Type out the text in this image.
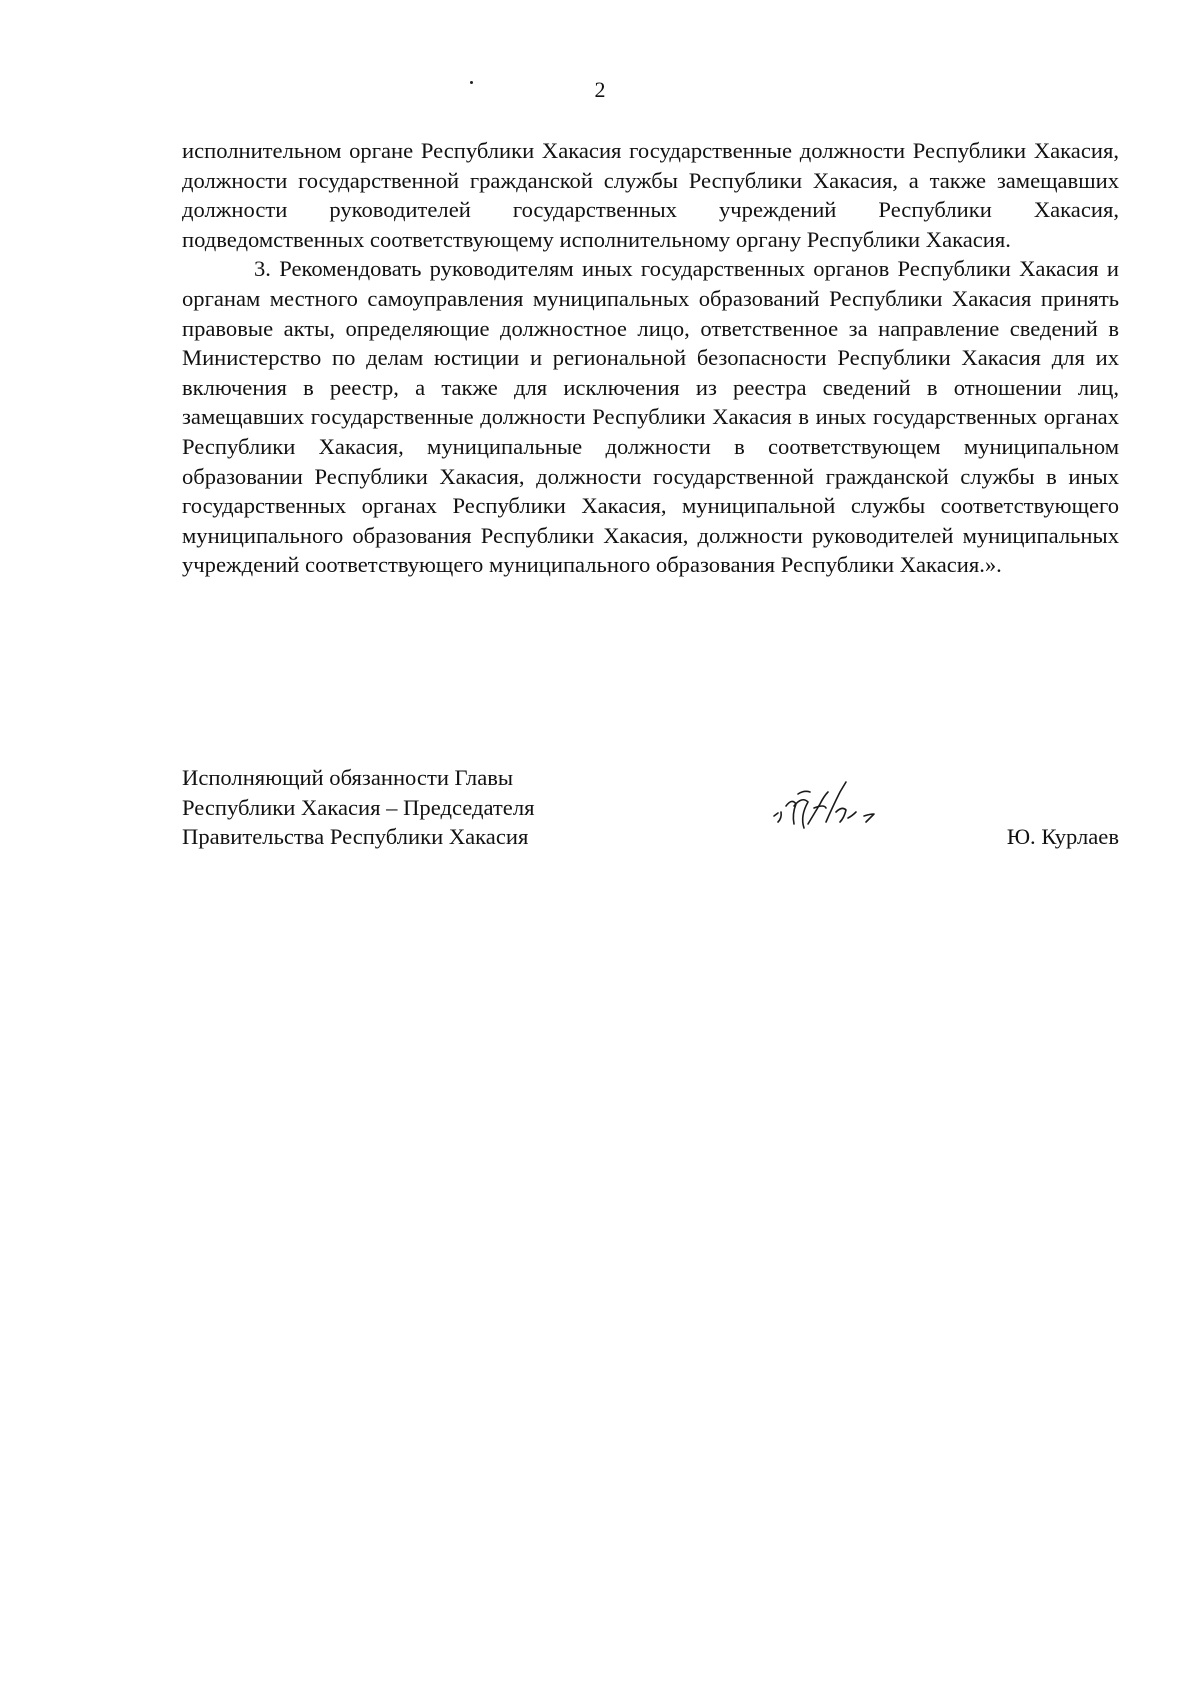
2

исполнительном органе Республики Хакасия государственные должности Республики Хакасия, должности государственной гражданской службы Республики Хакасия, а также замещавших должности руководителей государственных учреждений Республики Хакасия, подведомственных соответствующему исполнительному органу Республики Хакасия.

3. Рекомендовать руководителям иных государственных органов Республики Хакасия и органам местного самоуправления муниципальных образований Республики Хакасия принять правовые акты, определяющие должностное лицо, ответственное за направление сведений в Министерство по делам юстиции и региональной безопасности Республики Хакасия для их включения в реестр, а также для исключения из реестра сведений в отношении лиц, замещавших государственные должности Республики Хакасия в иных государственных органах Республики Хакасия, муниципальные должности в соответствующем муниципальном образовании Республики Хакасия, должности государственной гражданской службы в иных государственных органах Республики Хакасия, муниципальной службы соответствующего муниципального образования Республики Хакасия, должности руководителей муниципальных учреждений соответствующего муниципального образования Республики Хакасия.».

Исполняющий обязанности Главы
Республики Хакасия – Председателя
Правительства Республики Хакасия	Ю. Курлаев
